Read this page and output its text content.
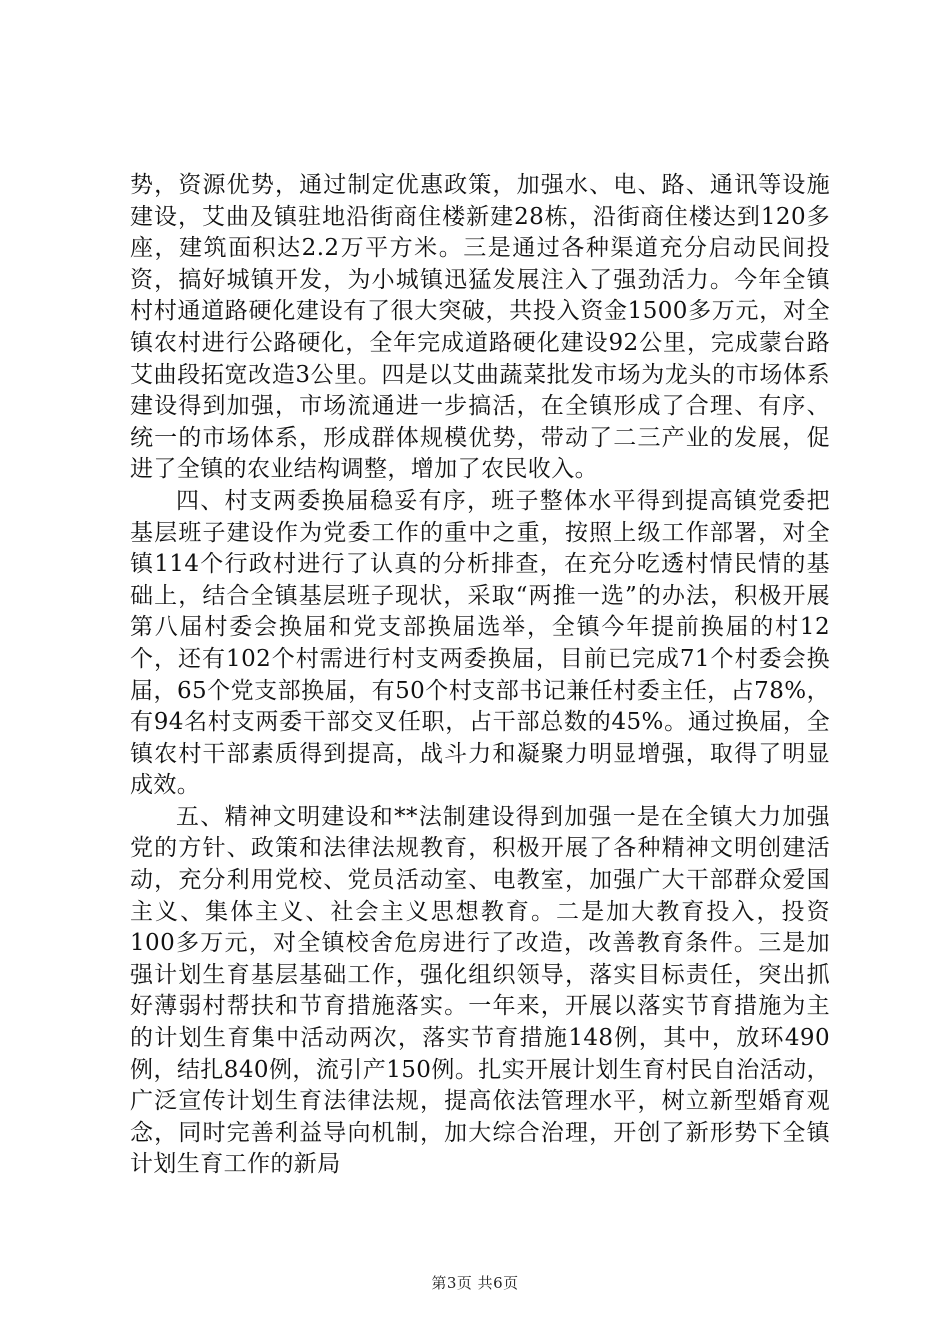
势，资源优势，通过制定优惠政策，加强水、电、路、通讯等设施建设，艾曲及镇驻地沿街商住楼新建28栋，沿街商住楼达到120多座，建筑面积达2.2万平方米。三是通过各种渠道充分启动民间投资，搞好城镇开发，为小城镇迅猛发展注入了强劲活力。今年全镇村村通道路硬化建设有了很大突破，共投入资金1500多万元，对全镇农村进行公路硬化，全年完成道路硬化建设92公里，完成蒙台路艾曲段拓宽改造3公里。四是以艾曲蔬菜批发市场为龙头的市场体系建设得到加强，市场流通进一步搞活，在全镇形成了合理、有序、统一的市场体系，形成群体规模优势，带动了二三产业的发展，促进了全镇的农业结构调整，增加了农民收入。

四、村支两委换届稳妥有序，班子整体水平得到提高镇党委把基层班子建设作为党委工作的重中之重，按照上级工作部署，对全镇114个行政村进行了认真的分析排查，在充分吃透村情民情的基础上，结合全镇基层班子现状，采取“两推一选”的办法，积极开展第八届村委会换届和党支部换届选举，全镇今年提前换届的村12个，还有102个村需进行村支两委换届，目前已完成71个村委会换届，65个党支部换届，有50个村支部书记兼任村委主任，占78%，有94名村支两委干部交叉任职，占干部总数的45%。通过换届，全镇农村干部素质得到提高，战斗力和凝聚力明显增强，取得了明显成效。

五、精神文明建设和**法制建设得到加强一是在全镇大力加强党的方针、政策和法律法规教育，积极开展了各种精神文明创建活动，充分利用党校、党员活动室、电教室，加强广大干部群众爱国主义、集体主义、社会主义思想教育。二是加大教育投入，投资100多万元，对全镇校舍危房进行了改造，改善教育条件。三是加强计划生育基层基础工作，强化组织领导，落实目标责任，突出抓好薄弱村帮扶和节育措施落实。一年来，开展以落实节育措施为主的计划生育集中活动两次，落实节育措施148例，其中，放环490例，结扎840例，流引产150例。扎实开展计划生育村民自治活动，广泛宣传计划生育法律法规，提高依法管理水平，树立新型婚育观念，同时完善利益导向机制，加大综合治理，开创了新形势下全镇计划生育工作的新局

第3页 共6页
